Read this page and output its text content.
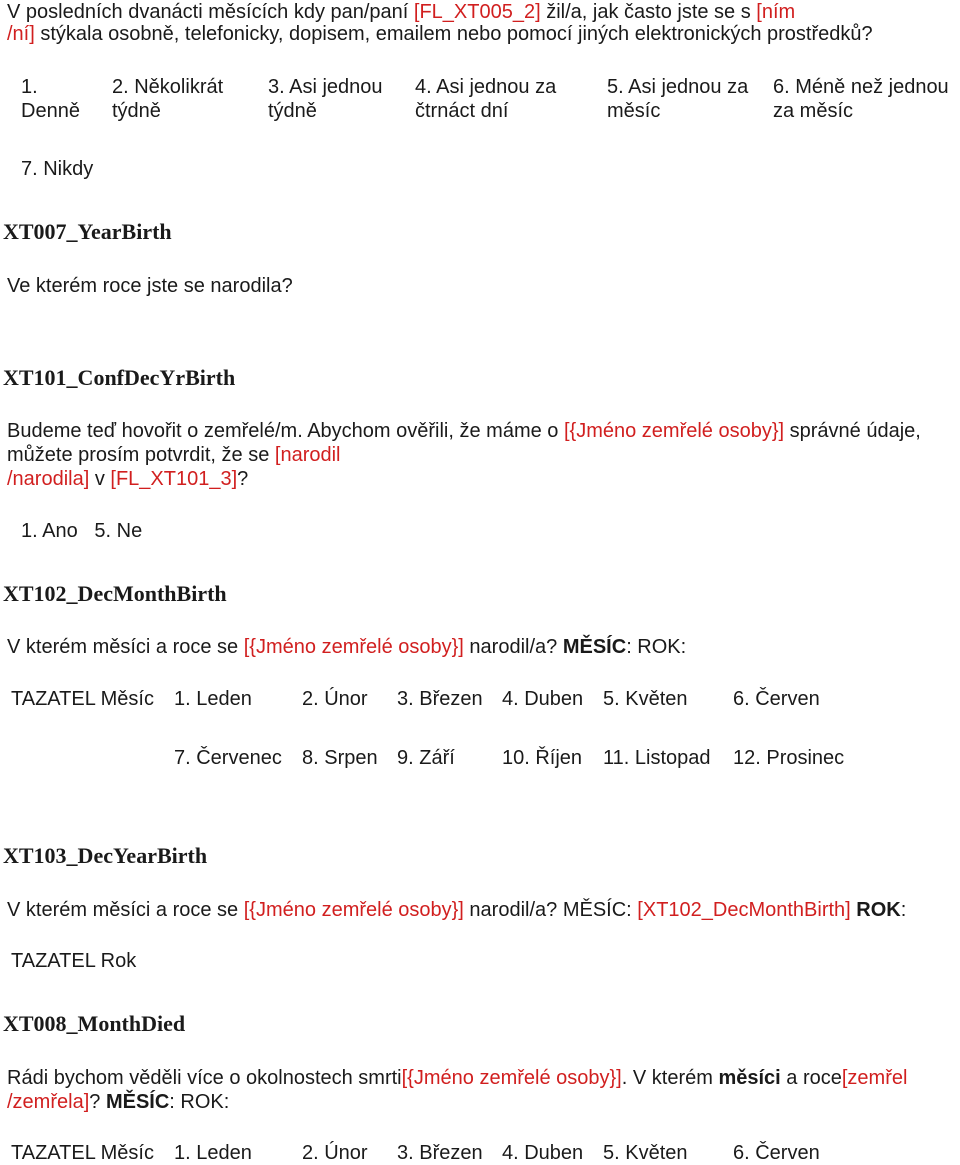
V posledních dvanácti měsících kdy pan/paní [FL_XT005_2] žil/a, jak často jste se s [ním
/ní] stýkala osobně, telefonicky, dopisem, emailem nebo pomocí jiných elektronických prostředků?
1.
Denně
2. Několikrát
týdně
3. Asi jednou
týdně
4. Asi jednou za
čtrnáct dní
5. Asi jednou za
měsíc
6. Méně než jednou
za měsíc
7. Nikdy
XT007_YearBirth
Ve kterém roce jste se narodila?
XT101_ConfDecYrBirth
Budeme teď hovořit o zemřelé/m. Abychom ověřili, že máme o [{Jméno zemřelé osoby}] správné údaje,
můžete prosím potvrdit, že se [narodil
/narodila] v [FL_XT101_3]?
1. Ano   5. Ne
XT102_DecMonthBirth
V kterém měsíci a roce se [{Jméno zemřelé osoby}] narodil/a? MĚSÍC: ROK:
TAZATEL Měsíc 1. Leden	2. Únor 3. Březen 4. Duben 5. Květen 6. Červen
7. Červenec 8. Srpen 9. Září 10. Říjen 11. Listopad 12. Prosinec
XT103_DecYearBirth
V kterém měsíci a roce se [{Jméno zemřelé osoby}] narodil/a? MĚSÍC: [XT102_DecMonthBirth] ROK:
TAZATEL Rok
XT008_MonthDied
Rádi bychom věděli více o okolnostech smrti[{Jméno zemřelé osoby}]. V kterém měsíci a roce[zemřel
/zemřela]? MĚSÍC: ROK:
TAZATEL Měsíc 1. Leden	2. Únor 3. Březen 4. Duben 5. Květen 6. Červen
